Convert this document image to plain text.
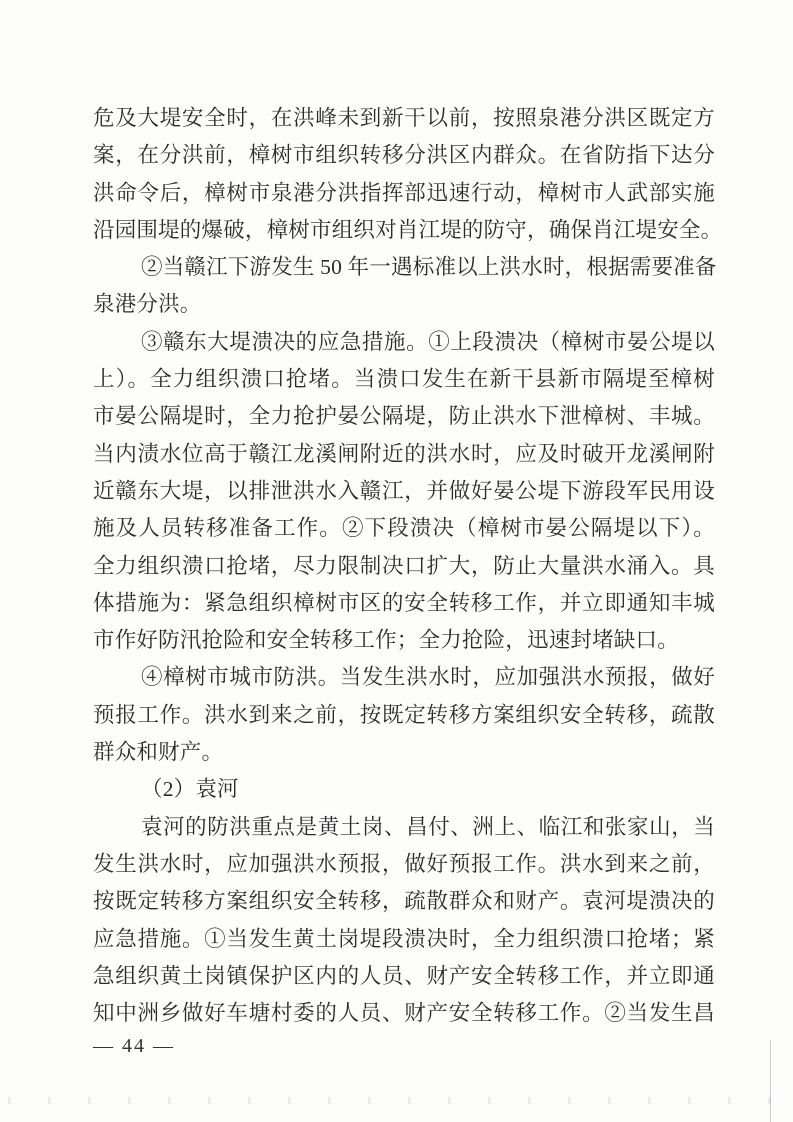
危及大堤安全时，在洪峰未到新干以前，按照泉港分洪区既定方
案，在分洪前，樟树市组织转移分洪区内群众。在省防指下达分
洪命令后，樟树市泉港分洪指挥部迅速行动，樟树市人武部实施
沿园围堤的爆破，樟树市组织对肖江堤的防守，确保肖江堤安全。
②当赣江下游发生 50 年一遇标准以上洪水时，根据需要准备
泉港分洪。
③赣东大堤溃决的应急措施。①上段溃决（樟树市晏公堤以
上）。全力组织溃口抢堵。当溃口发生在新干县新市隔堤至樟树
市晏公隔堤时，全力抢护晏公隔堤，防止洪水下泄樟树、丰城。
当内渍水位高于赣江龙溪闸附近的洪水时，应及时破开龙溪闸附
近赣东大堤，以排泄洪水入赣江，并做好晏公堤下游段军民用设
施及人员转移准备工作。②下段溃决（樟树市晏公隔堤以下）。
全力组织溃口抢堵，尽力限制决口扩大，防止大量洪水涌入。具
体措施为：紧急组织樟树市区的安全转移工作，并立即通知丰城
市作好防汛抢险和安全转移工作；全力抢险，迅速封堵缺口。
④樟树市城市防洪。当发生洪水时，应加强洪水预报，做好
预报工作。洪水到来之前，按既定转移方案组织安全转移，疏散
群众和财产。
（2）袁河
袁河的防洪重点是黄土岗、昌付、洲上、临江和张家山，当
发生洪水时，应加强洪水预报，做好预报工作。洪水到来之前，
按既定转移方案组织安全转移，疏散群众和财产。袁河堤溃决的
应急措施。①当发生黄土岗堤段溃决时，全力组织溃口抢堵；紧
急组织黄土岗镇保护区内的人员、财产安全转移工作，并立即通
知中洲乡做好车塘村委的人员、财产安全转移工作。②当发生昌
— 44 —
